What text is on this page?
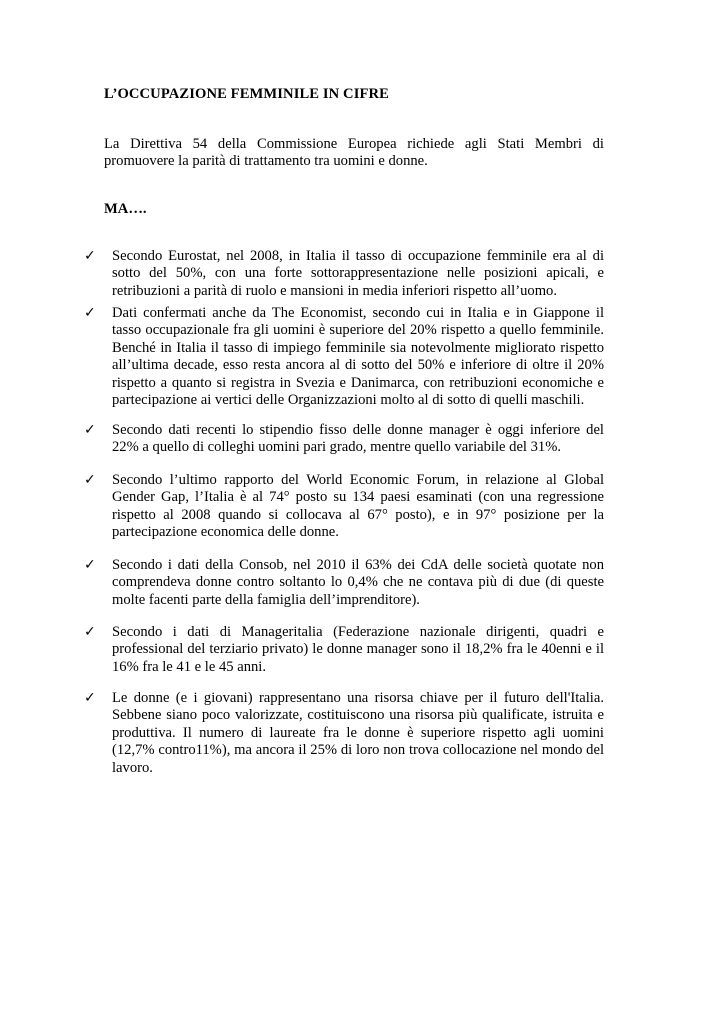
L’OCCUPAZIONE FEMMINILE IN CIFRE

La Direttiva 54 della Commissione Europea richiede agli Stati Membri di promuovere la parità di trattamento tra uomini e donne.

MA….

✓ Secondo Eurostat, nel 2008, in Italia il tasso di occupazione femminile era al di sotto del 50%, con una forte sottorappresentazione nelle posizioni apicali, e retribuzioni a parità di ruolo e mansioni in media inferiori rispetto all’uomo.
✓ Dati confermati anche da The Economist, secondo cui in Italia e in Giappone il tasso occupazionale fra gli uomini è superiore del 20% rispetto a quello femminile. Benché in Italia il tasso di impiego femminile sia notevolmente migliorato rispetto all’ultima decade, esso resta ancora al di sotto del 50% e inferiore di oltre il 20% rispetto a quanto si registra in Svezia e Danimarca, con retribuzioni economiche e partecipazione ai vertici delle Organizzazioni molto al di sotto di quelli maschili.
✓ Secondo dati recenti lo stipendio fisso delle donne manager è oggi inferiore del 22% a quello di colleghi uomini pari grado, mentre quello variabile del 31%.
✓ Secondo l’ultimo rapporto del World Economic Forum, in relazione al Global Gender Gap, l’Italia è al 74° posto su 134 paesi esaminati (con una regressione rispetto al 2008 quando si collocava al 67° posto), e in 97° posizione per la partecipazione economica delle donne.
✓ Secondo i dati della Consob, nel 2010 il 63% dei CdA delle società quotate non comprendeva donne contro soltanto lo 0,4% che ne contava più di due (di queste molte facenti parte della famiglia dell’imprenditore).
✓ Secondo i dati di Manageritalia (Federazione nazionale dirigenti, quadri e professional del terziario privato) le donne manager sono il 18,2% fra le 40enni e il 16% fra le 41 e le 45 anni.
✓ Le donne (e i giovani) rappresentano una risorsa chiave per il futuro dell'Italia. Sebbene siano poco valorizzate, costituiscono una risorsa più qualificate, istruita e produttiva. Il numero di laureate fra le donne è superiore rispetto agli uomini (12,7% contro11%), ma ancora il 25% di loro non trova collocazione nel mondo del lavoro.
